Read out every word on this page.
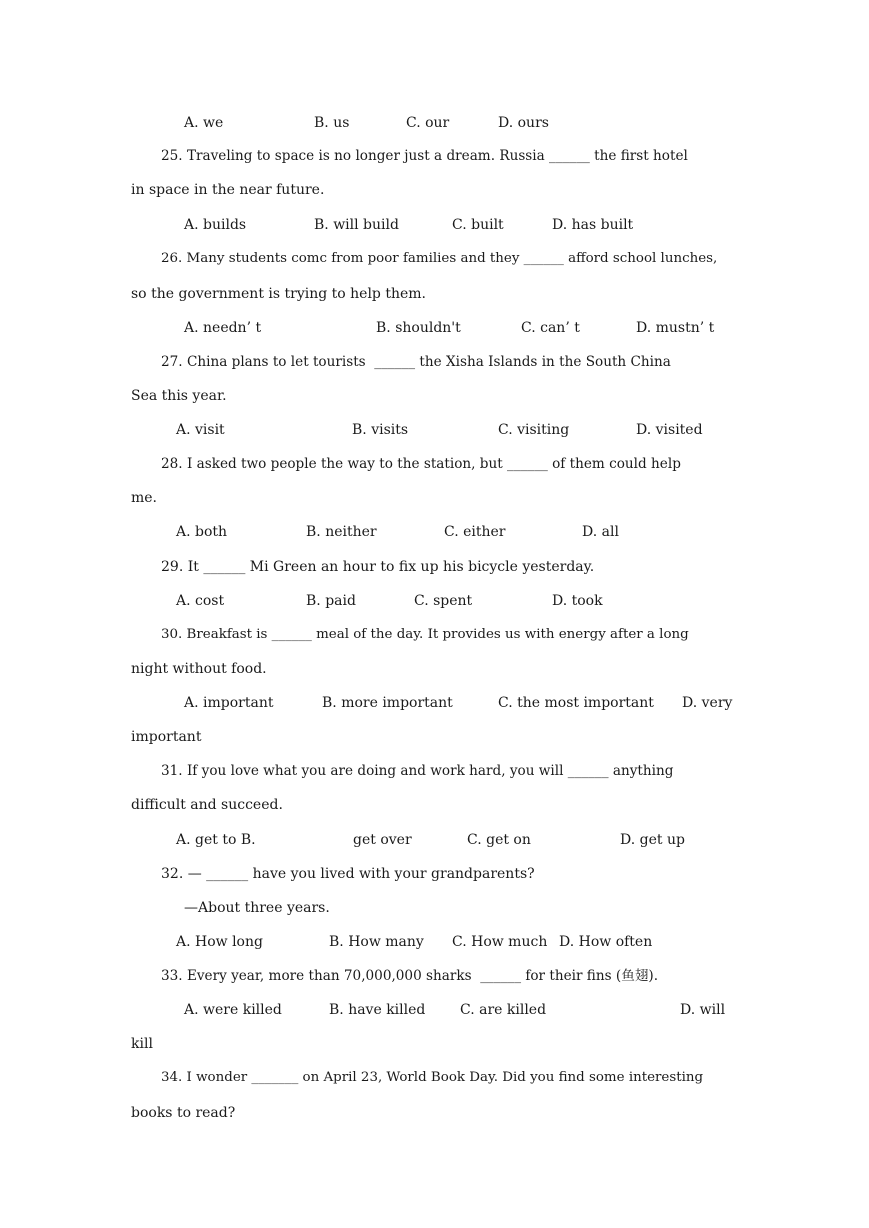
A. we	B. us	C. our	D. ours
25. Traveling to space is no longer just a dream. Russia ______ the first hotel
in space in the near future.
A. builds	B. will build	C. built	D. has built
26. Many students comc from poor families and they ______ afford school lunches,
so the government is trying to help them.
A. needn’ t	B. shouldn't	C. can’ t	D. mustn’ t
27. China plans to let tourists  ______ the Xisha Islands in the South China
Sea this year.
A. visit	B. visits	C. visiting	D. visited
28. I asked two people the way to the station, but ______ of them could help
me.
A. both	B. neither	C. either	D. all
29. It ______ Mi Green an hour to fix up his bicycle yesterday.
A. cost	B. paid	C. spent	D. took
30. Breakfast is ______ meal of the day. It provides us with energy after a long
night without food.
A. important	B. more important	C. the most important D. very
important
31. If you love what you are doing and work hard, you will ______ anything
difficult and succeed.
A. get to B.	get over	C. get on	D. get up
32. — ______ have you lived with your grandparents?
—About three years.
A. How long	B. How many C. How much D. How often
33. Every year, more than 70,000,000 sharks  ______ for their fins (鱼翅).
A. were killed	B. have killed C. are killed	D. will
kill
34. I wonder _______ on April 23, World Book Day. Did you find some interesting
books to read?
